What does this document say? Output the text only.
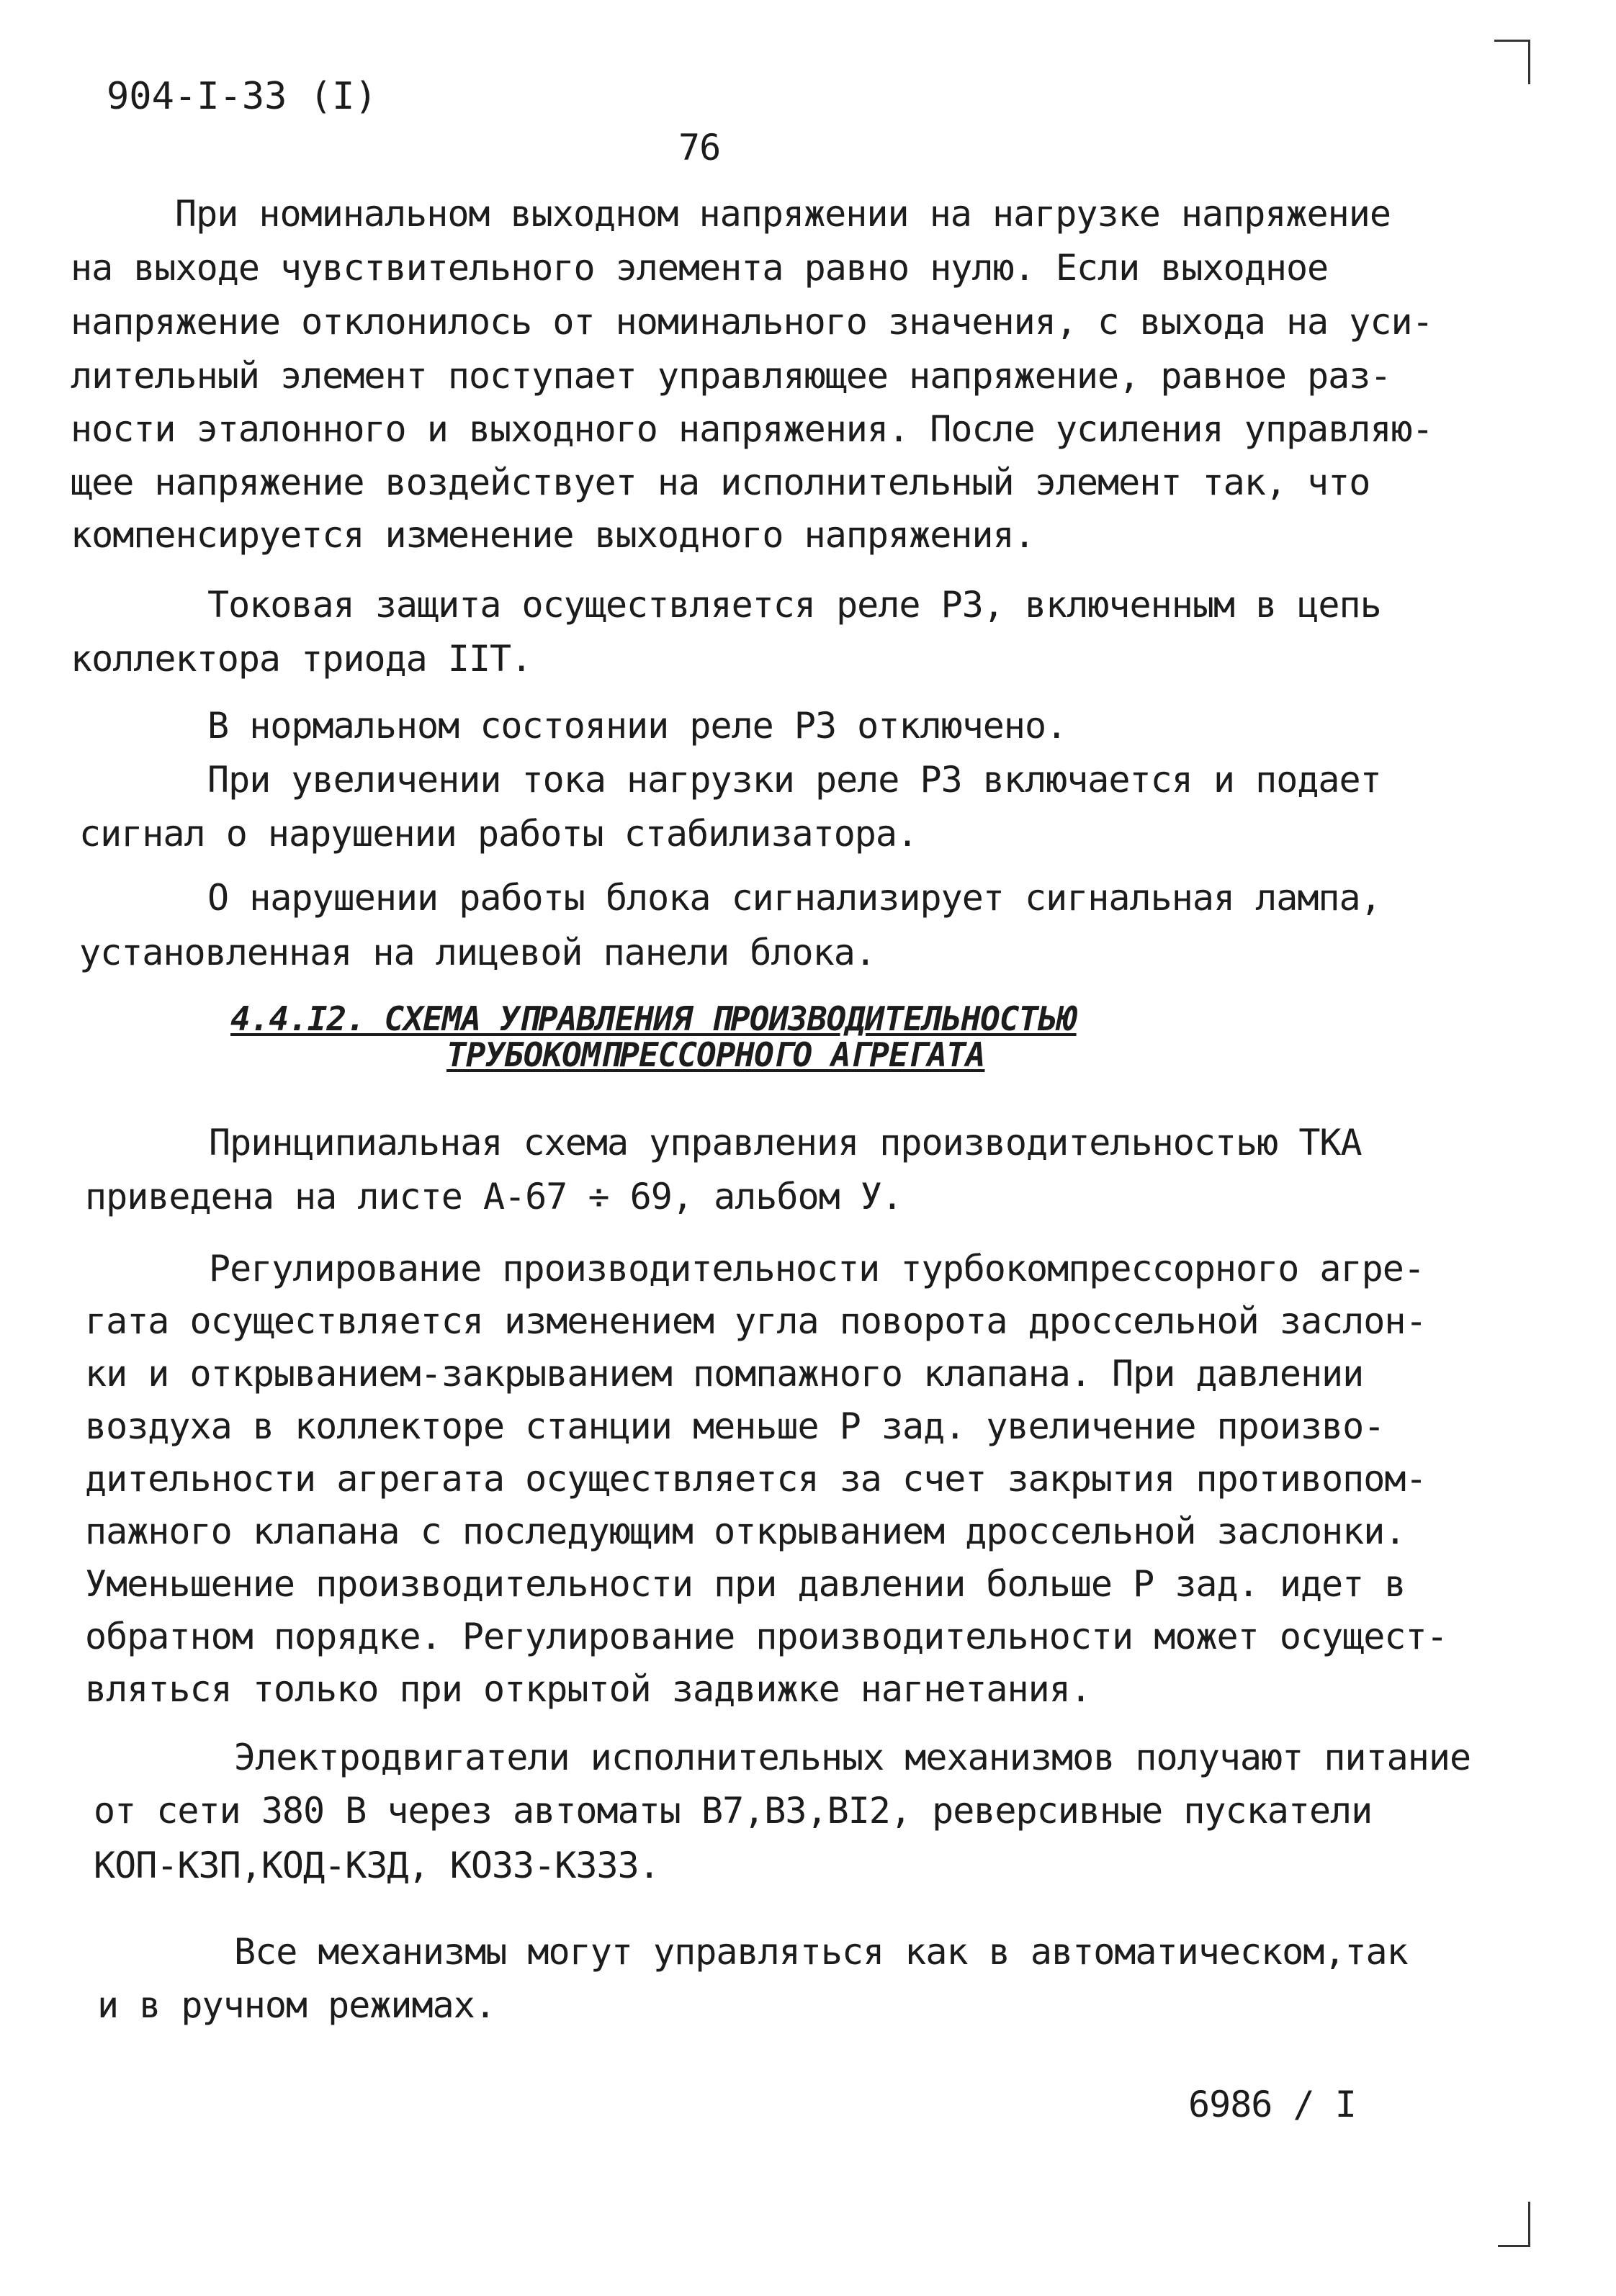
904-I-33 (I)
76
При номинальном выходном напряжении на нагрузке напряжение
на выходе чувствительного элемента равно нулю. Если выходное
напряжение отклонилось от номинального значения, с выхода на уси-
лительный элемент поступает управляющее напряжение, равное раз-
ности эталонного и выходного напряжения. После усиления управляю-
щее напряжение воздействует на исполнительный элемент так, что
компенсируется изменение выходного напряжения.
Токовая защита осуществляется реле Р3, включенным в цепь
коллектора триода IIТ.
В нормальном состоянии реле Р3 отключено.
При увеличении тока нагрузки реле Р3 включается и подает
сигнал о нарушении работы стабилизатора.
О нарушении работы блока сигнализирует сигнальная лампа,
установленная на лицевой панели блока.
4.4.I2. СХЕМА УПРАВЛЕНИЯ ПРОИЗВОДИТЕЛЬНОСТЬЮ
ТРУБОКОМПРЕССОРНОГО АГРЕГАТА
Принципиальная схема управления производительностью ТКА
приведена на листе А-67 ÷ 69, альбом У.
Регулирование производительности турбокомпрессорного агре-
гата осуществляется изменением угла поворота дроссельной заслон-
ки и открыванием-закрыванием помпажного клапана. При давлении
воздуха в коллекторе станции меньше Р зад. увеличение произво-
дительности агрегата осуществляется за счет закрытия противопом-
пажного клапана с последующим открыванием дроссельной заслонки.
Уменьшение производительности при давлении больше Р зад. идет в
обратном порядке. Регулирование производительности может осущест-
вляться только при открытой задвижке нагнетания.
Электродвигатели исполнительных механизмов получают питание
от сети 380 В через автоматы В7,В3,ВI2, реверсивные пускатели
КОП-К3П,КОД-К3Д, КО33-К333.
Все механизмы могут управляться как в автоматическом,так
и в ручном режимах.
6986 / I
